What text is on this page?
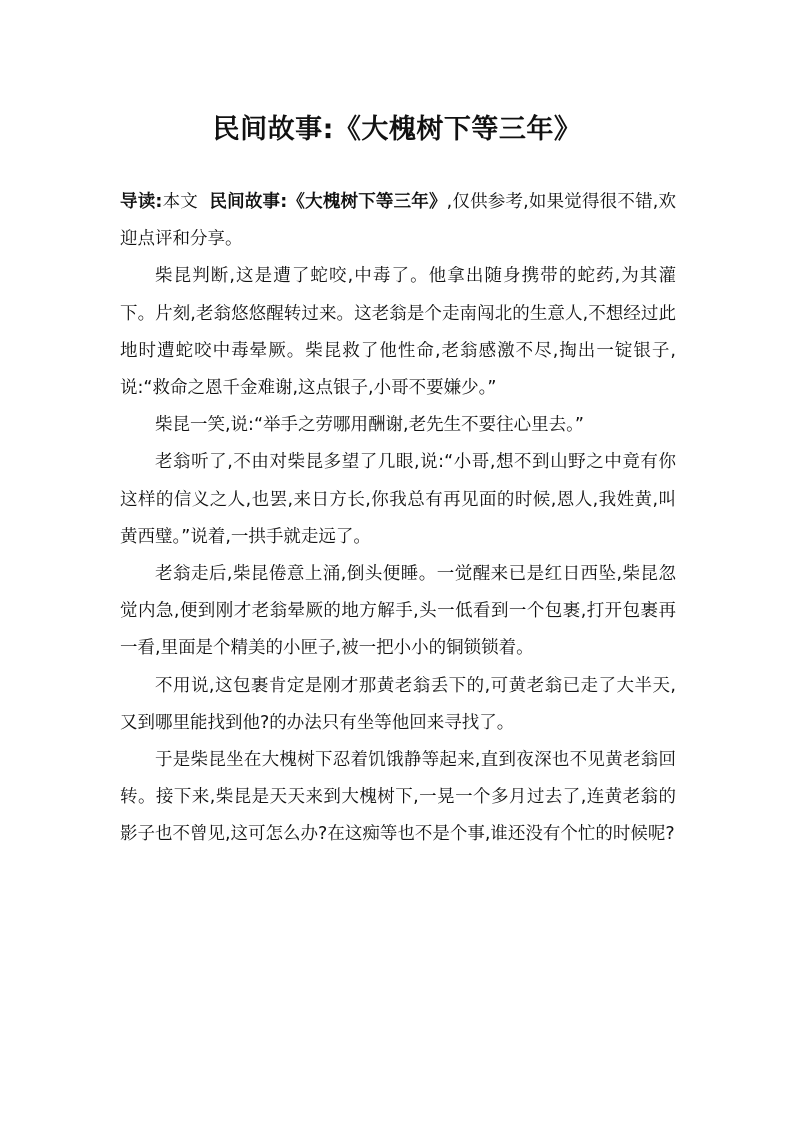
民间故事:《大槐树下等三年》

导读:本文  民间故事:《大槐树下等三年》,仅供参考,如果觉得很不错,欢迎点评和分享。

柴昆判断,这是遭了蛇咬,中毒了。他拿出随身携带的蛇药,为其灌下。片刻,老翁悠悠醒转过来。这老翁是个走南闯北的生意人,不想经过此地时遭蛇咬中毒晕厥。柴昆救了他性命,老翁感激不尽,掏出一锭银子,说:“救命之恩千金难谢,这点银子,小哥不要嫌少。”

柴昆一笑,说:“举手之劳哪用酬谢,老先生不要往心里去。”

老翁听了,不由对柴昆多望了几眼,说:“小哥,想不到山野之中竟有你这样的信义之人,也罢,来日方长,你我总有再见面的时候,恩人,我姓黄,叫黄西璧。”说着,一拱手就走远了。

老翁走后,柴昆倦意上涌,倒头便睡。一觉醒来已是红日西坠,柴昆忽觉内急,便到刚才老翁晕厥的地方解手,头一低看到一个包裹,打开包裹再一看,里面是个精美的小匣子,被一把小小的铜锁锁着。

不用说,这包裹肯定是刚才那黄老翁丢下的,可黄老翁已走了大半天,又到哪里能找到他?的办法只有坐等他回来寻找了。

于是柴昆坐在大槐树下忍着饥饿静等起来,直到夜深也不见黄老翁回转。接下来,柴昆是天天来到大槐树下,一晃一个多月过去了,连黄老翁的影子也不曾见,这可怎么办?在这痴等也不是个事,谁还没有个忙的时候呢?
